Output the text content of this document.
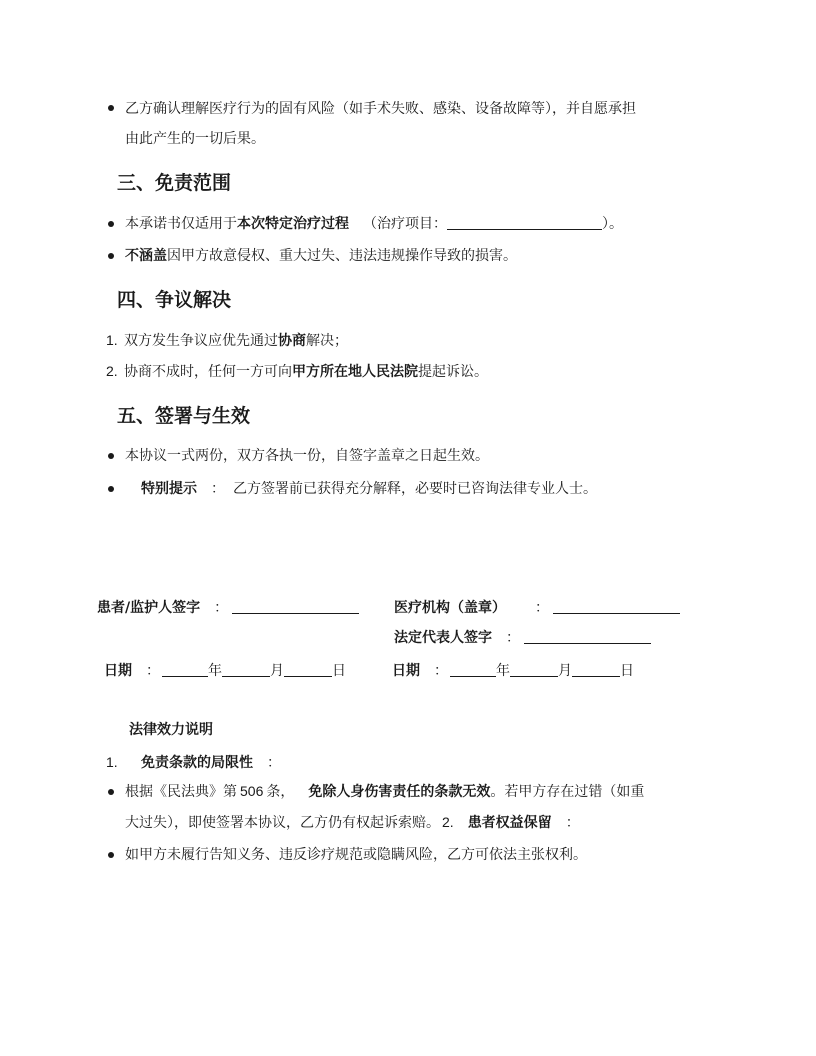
乙方确认理解医疗行为的固有风险（如手术失败、感染、设备故障等），并自愿承担
由此产生的一切后果。
三、免责范围
本承诺书仅适用于本次特定治疗过程 （治疗项目：	）。
不涵盖因甲方故意侵权、重大过失、违法违规操作导致的损害。
四、争议解决
1. 双方发生争议应优先通过协商解决；
2. 协商不成时，任何一方可向甲方所在地人民法院提起诉讼。
五、签署与生效
本协议一式两份，双方各执一份，自签字盖章之日起生效。
特别提示 ： 乙方签署前已获得充分解释，必要时已咨询法律专业人士。
患者/监护人签字 ：	医疗机构（盖章）	：
法定代表人签字 ：
日期 ：	年	月	日	日期 ：	年	月	日
法律效力说明
1. 免责条款的局限性 ：
根据《民法典》第 506 条， 免除人身伤害责任的条款无效。若甲方存在过错（如重
大过失），即使签署本协议，乙方仍有权起诉索赔。 2. 患者权益保留 ：
如甲方未履行告知义务、违反诊疗规范或隐瞒风险，乙方可依法主张权利。
